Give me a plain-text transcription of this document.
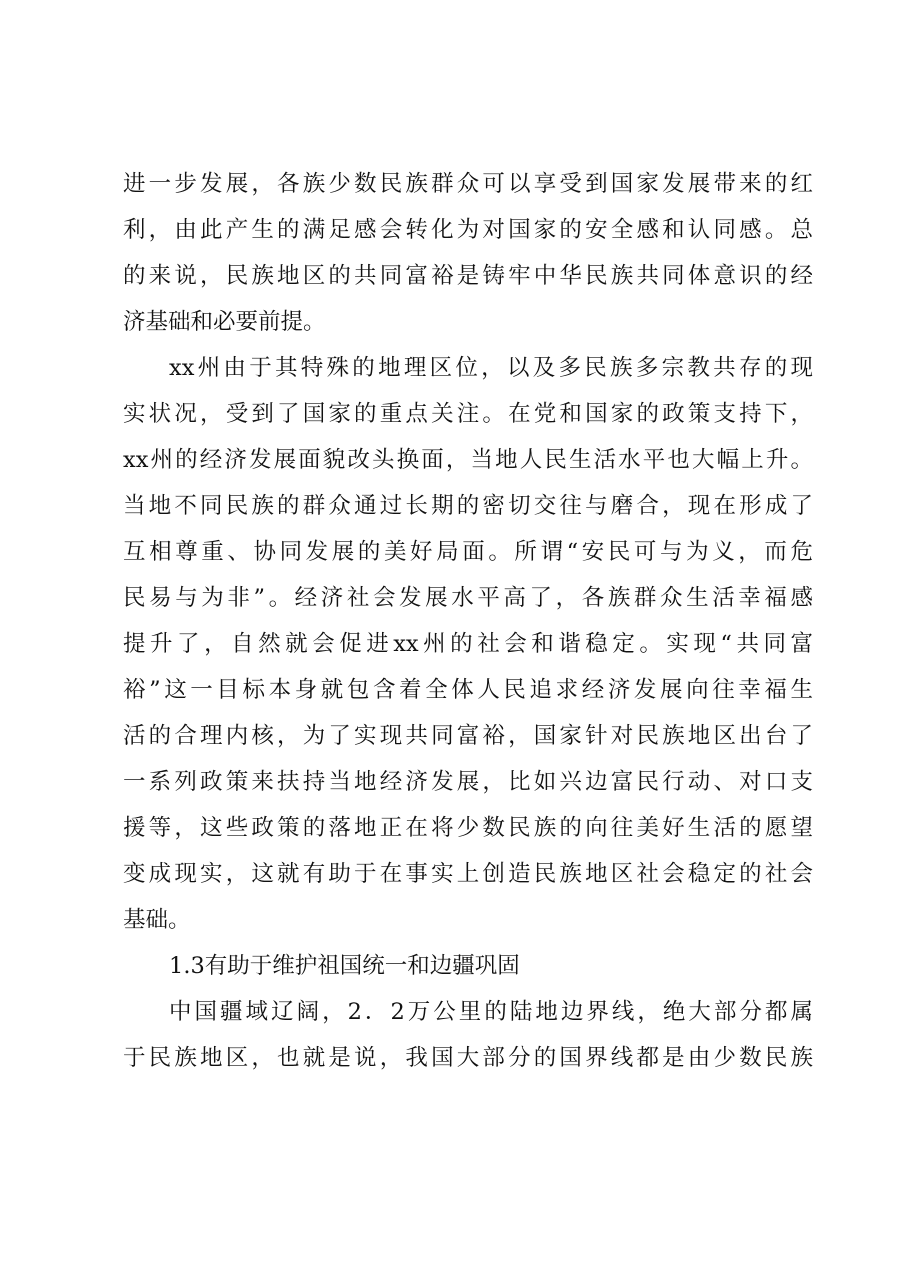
进一步发展，各族少数民族群众可以享受到国家发展带来的红
利，由此产生的满足感会转化为对国家的安全感和认同感。总
的来说，民族地区的共同富裕是铸牢中华民族共同体意识的经
济基础和必要前提。
xx州由于其特殊的地理区位，以及多民族多宗教共存的现
实状况，受到了国家的重点关注。在党和国家的政策支持下，
xx州的经济发展面貌改头换面，当地人民生活水平也大幅上升。
当地不同民族的群众通过长期的密切交往与磨合，现在形成了
互相尊重、协同发展的美好局面。所谓“安民可与为义，而危
民易与为非”。经济社会发展水平高了，各族群众生活幸福感
提升了，自然就会促进xx州的社会和谐稳定。实现“共同富
裕”这一目标本身就包含着全体人民追求经济发展向往幸福生
活的合理内核，为了实现共同富裕，国家针对民族地区出台了
一系列政策来扶持当地经济发展，比如兴边富民行动、对口支
援等，这些政策的落地正在将少数民族的向往美好生活的愿望
变成现实，这就有助于在事实上创造民族地区社会稳定的社会
基础。
1.3有助于维护祖国统一和边疆巩固
中国疆域辽阔，2．2万公里的陆地边界线，绝大部分都属
于民族地区，也就是说，我国大部分的国界线都是由少数民族
